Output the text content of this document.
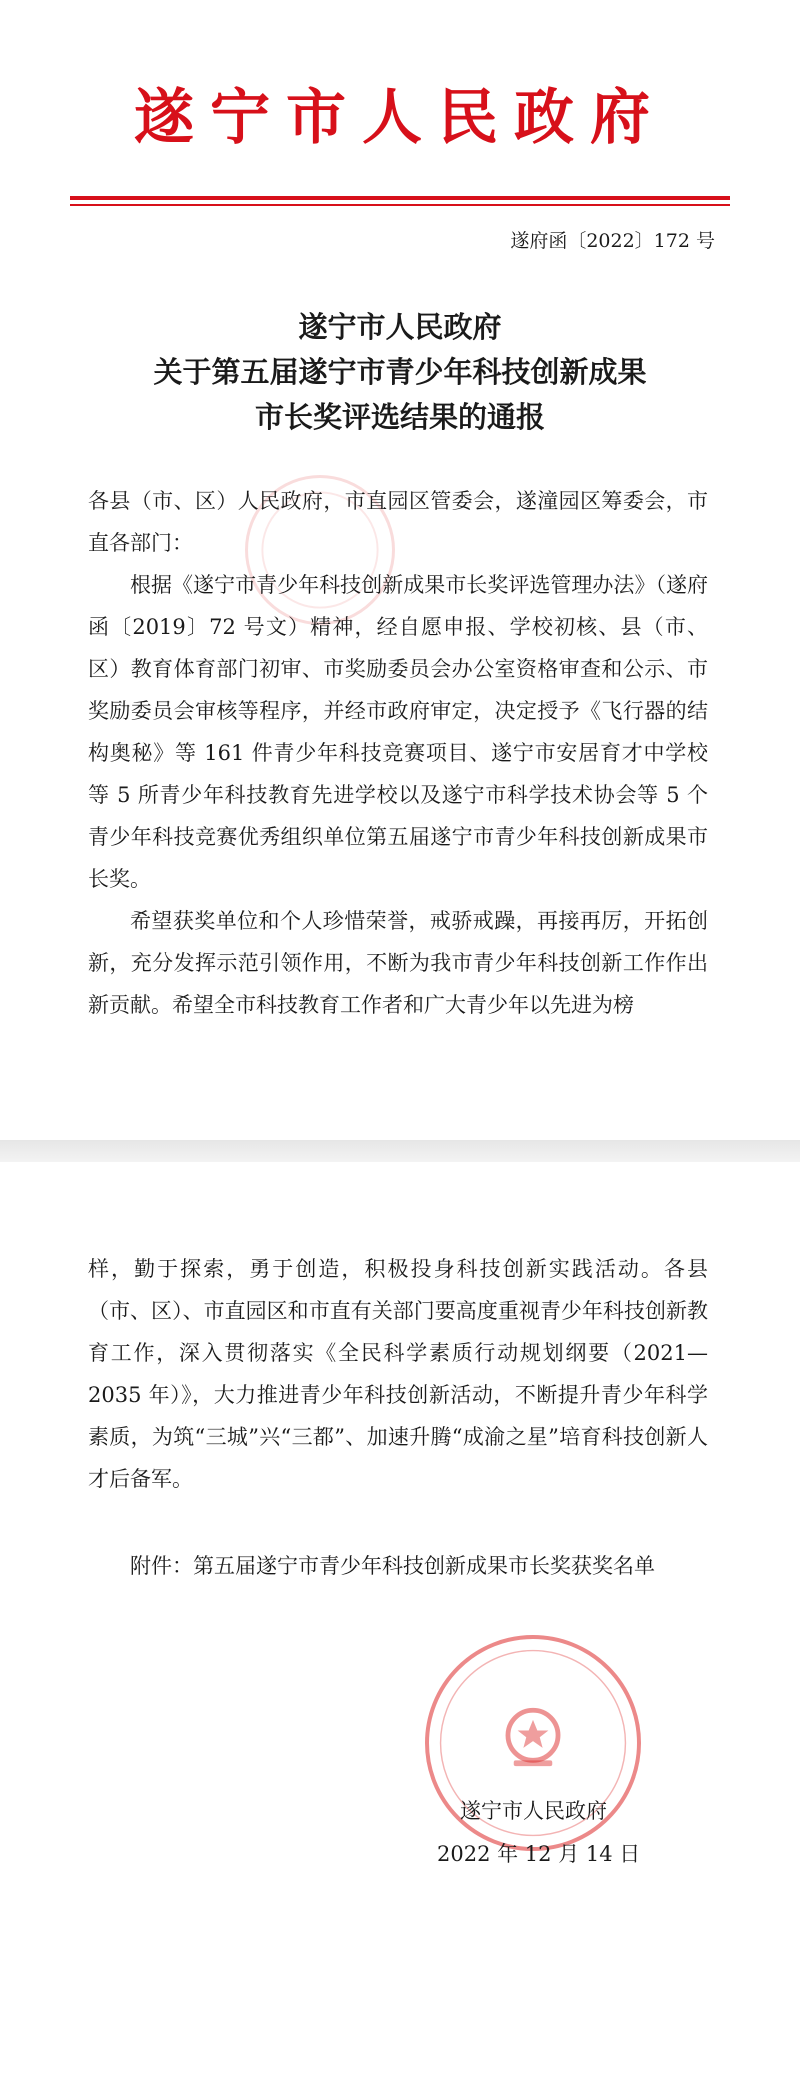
遂宁市人民政府
遂府函〔2022〕172 号
遂宁市人民政府
关于第五届遂宁市青少年科技创新成果
市长奖评选结果的通报

各县（市、区）人民政府，市直园区管委会，遂潼园区筹委会，市直各部门：

根据《遂宁市青少年科技创新成果市长奖评选管理办法》（遂府函〔2019〕72 号文）精神，经自愿申报、学校初核、县（市、区）教育体育部门初审、市奖励委员会办公室资格审查和公示、市奖励委员会审核等程序，并经市政府审定，决定授予《飞行器的结构奥秘》等 161 件青少年科技竞赛项目、遂宁市安居育才中学校等 5 所青少年科技教育先进学校以及遂宁市科学技术协会等 5 个青少年科技竞赛优秀组织单位第五届遂宁市青少年科技创新成果市长奖。

希望获奖单位和个人珍惜荣誉，戒骄戒躁，再接再厉，开拓创新，充分发挥示范引领作用，不断为我市青少年科技创新工作作出新贡献。希望全市科技教育工作者和广大青少年以先进为榜

样，勤于探索，勇于创造，积极投身科技创新实践活动。各县（市、区）、市直园区和市直有关部门要高度重视青少年科技创新教育工作，深入贯彻落实《全民科学素质行动规划纲要（2021—2035 年）》，大力推进青少年科技创新活动，不断提升青少年科学素质，为筑“三城”兴“三都”、加速升腾“成渝之星”培育科技创新人才后备军。

附件：第五届遂宁市青少年科技创新成果市长奖获奖名单
遂宁市人民政府
2022 年 12 月 14 日
